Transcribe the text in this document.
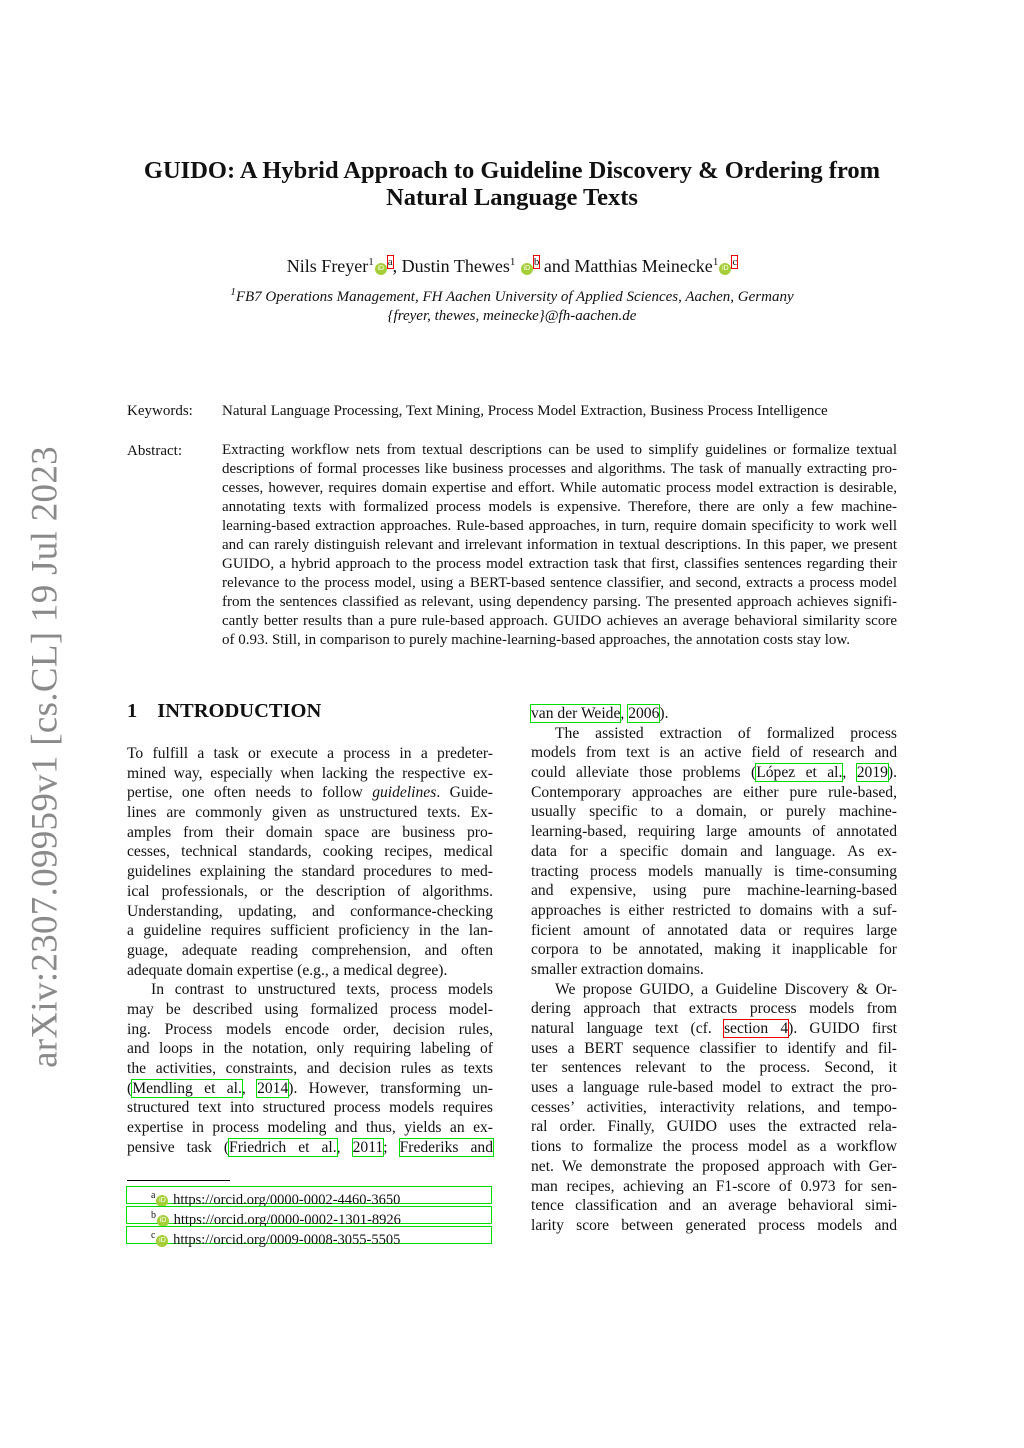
arXiv:2307.09959v1 [cs.CL] 19 Jul 2023
GUIDO: A Hybrid Approach to Guideline Discovery & Ordering from
Natural Language Texts
Nils $Freyer^1iD^a$, Dustin Thewes$^1$ $iD^b$ and Matthias $Meinecke^1iD^c$
$^1$FB7 Operations Management, FH Aachen University of Applied Sciences, Aachen, Germany
{freyer, thewes, meinecke}@fh-aachen.de
Keywords: Natural Language Processing, Text Mining, Process Model Extraction, Business Process Intelligence
Abstract:	Extracting workflow nets from textual descriptions can be used to simplify guidelines or formalize textual
descriptions of formal processes like business processes and algorithms. The task of manually extracting pro-
cesses, however, requires domain expertise and effort. While automatic process model extraction is desirable,
annotating texts with formalized process models is expensive. Therefore, there are only a few machine-
learning-based extraction approaches. Rule-based approaches, in turn, require domain specificity to work well
and can rarely distinguish relevant and irrelevant information in textual descriptions. In this paper, we present
GUIDO, a hybrid approach to the process model extraction task that first, classifies sentences regarding their
relevance to the process model, using a BERT-based sentence classifier, and second, extracts a process model
from the sentences classified as relevant, using dependency parsing. The presented approach achieves signifi-
cantly better results than a pure rule-based approach. GUIDO achieves an average behavioral similarity score
of 0.93. Still, in comparison to purely machine-learning-based approaches, the annotation costs stay low.
1 INTRODUCTION
To fulfill a task or execute a process in a predeter-
mined way, especially when lacking the respective ex-
pertise, one often needs to follow guidelines. Guide-
lines are commonly given as unstructured texts. Ex-
amples from their domain space are business pro-
cesses, technical standards, cooking recipes, medical
guidelines explaining the standard procedures to med-
ical professionals, or the description of algorithms.
Understanding, updating, and conformance-checking
a guideline requires sufficient proficiency in the lan-
guage, adequate reading comprehension, and often
adequate domain expertise (e.g., a medical degree).
In contrast to unstructured texts, process models
may be described using formalized process model-
ing. Process models encode order, decision rules,
and loops in the notation, only requiring labeling of
the activities, constraints, and decision rules as texts
(Mendling et al., 2014). However, transforming un-
structured text into structured process models requires
expertise in process modeling and thus, yields an ex-
pensive task (Friedrich et al., 2011; Frederiks and
van der Weide, 2006).
The assisted extraction of formalized process
models from text is an active field of research and
could alleviate those problems (López et al., 2019).
Contemporary approaches are either pure rule-based,
usually specific to a domain, or purely machine-
learning-based, requiring large amounts of annotated
data for a specific domain and language. As ex-
tracting process models manually is time-consuming
and expensive, using pure machine-learning-based
approaches is either restricted to domains with a suf-
ficient amount of annotated data or requires large
corpora to be annotated, making it inapplicable for
smaller extraction domains.
We propose GUIDO, a Guideline Discovery & Or-
dering approach that extracts process models from
natural language text (cf. section 4). GUIDO first
uses a BERT sequence classifier to identify and fil-
ter sentences relevant to the process. Second, it
uses a language rule-based model to extract the pro-
cesses’ activities, interactivity relations, and tempo-
ral order. Finally, GUIDO uses the extracted rela-
tions to formalize the process model as a workflow
net. We demonstrate the proposed approach with Ger-
man recipes, achieving an F1-score of 0.973 for sen-
tence classification and an average behavioral simi-
larity score between generated process models and
$^a$ iD https://orcid.org/0000-0002-4460-3650
$^b$ iD https://orcid.org/0000-0002-1301-8926
$^c$ iD https://orcid.org/0009-0008-3055-5505
